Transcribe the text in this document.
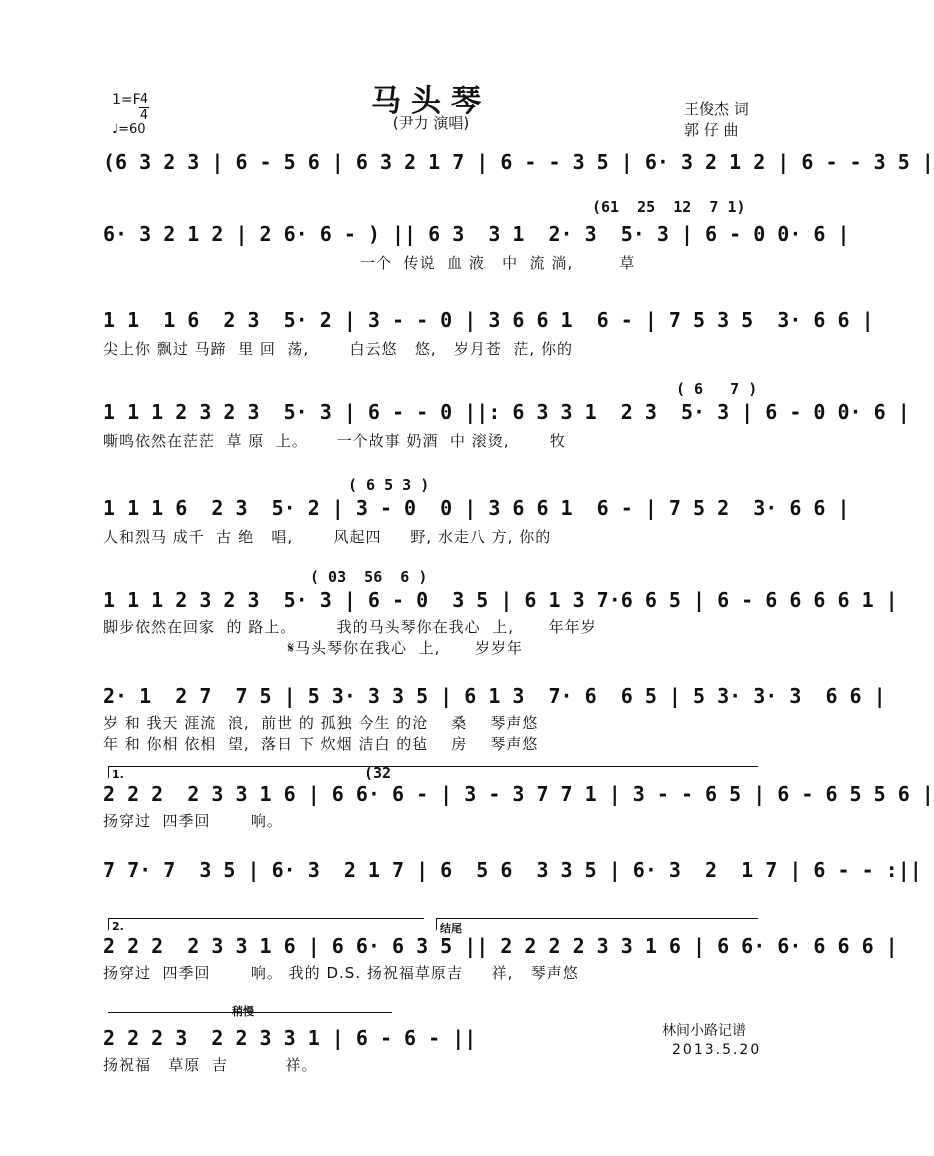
马头琴
(尹力 演唱)
1=F 4
4
♩=60
王俊杰 词
郭 仔 曲
(6 3 2 3 | 6 - 5 6 | 6 3 2 1 7 | 6 - - 3 5 | 6· 3 2 1 2 | 6 - - 3 5 |
(61  25  12  7 1)
6· 3 2 1 2 | 2 6· 6 - ) || 6 3  3 1  2· 3  5· 3 | 6 - 0 0· 6 |
一个  传说  血 液   中  流 淌,        草
1 1  1 6  2 3  5· 2 | 3 - - 0 | 3 6 6 1  6 - | 7 5 3 5  3· 6 6 |
尖上你 飘过 马蹄  里 回  荡,       白云悠   悠,   岁月苍  茫, 你的
( 6   7 )
1 1 1 2 3 2 3  5· 3 | 6 - - 0 ||: 6 3 3 1  2 3  5· 3 | 6 - 0 0· 6 |
嘶鸣依然在茫茫  草 原  上。     一个故事 奶酒  中 滚烫,       牧
( 6 5 3 )
1 1 1 6  2 3  5· 2 | 3 - 0  0 | 3 6 6 1  6 - | 7 5 2  3· 6 6 |
人和烈马 成千  古 绝   唱,       风起四     野, 水走八 方, 你的
( 03  56  6 )
1 1 1 2 3 2 3  5· 3 | 6 - 0  3 5 | 6 1 3 7·6 6 5 | 6 - 6 6 6 6 1 |
脚步依然在回家  的 路上。       我的马头琴你在我心  上,      年年岁
𝄋马头琴你在我心  上,      岁岁年
2· 1  2 7  7 5 | 5 3· 3 3 5 | 6 1 3  7· 6  6 5 | 5 3· 3· 3  6 6 |
岁 和 我天 涯流  浪,  前世 的 孤独 今生 的沧    桑    琴声悠
年 和 你相 依相  望,  落日 下 炊烟 洁白 的毡    房    琴声悠
1.	(32
2 2 2  2 3 3 1 6 | 6 6· 6 - | 3 - 3 7 7 1 | 3 - - 6 5 | 6 - 6 5 5 6 |
扬穿过  四季回       响。
7 7· 7  3 5 | 6· 3  2 1 7 | 6  5 6  3 3 5 | 6· 3  2  1 7 | 6 - - :||
2.	结尾
2 2 2  2 3 3 1 6 | 6 6· 6 3 5 || 2 2 2 2 3 3 1 6 | 6 6· 6· 6 6 6 |
扬穿过  四季回       响。 我的 D.S. 扬祝福草原吉     祥,   琴声悠
稍慢
2 2 2 3  2 2 3 3 1 | 6 - 6 - ||
扬祝福   草原  吉          祥。
林间小路记谱
2013.5.20
